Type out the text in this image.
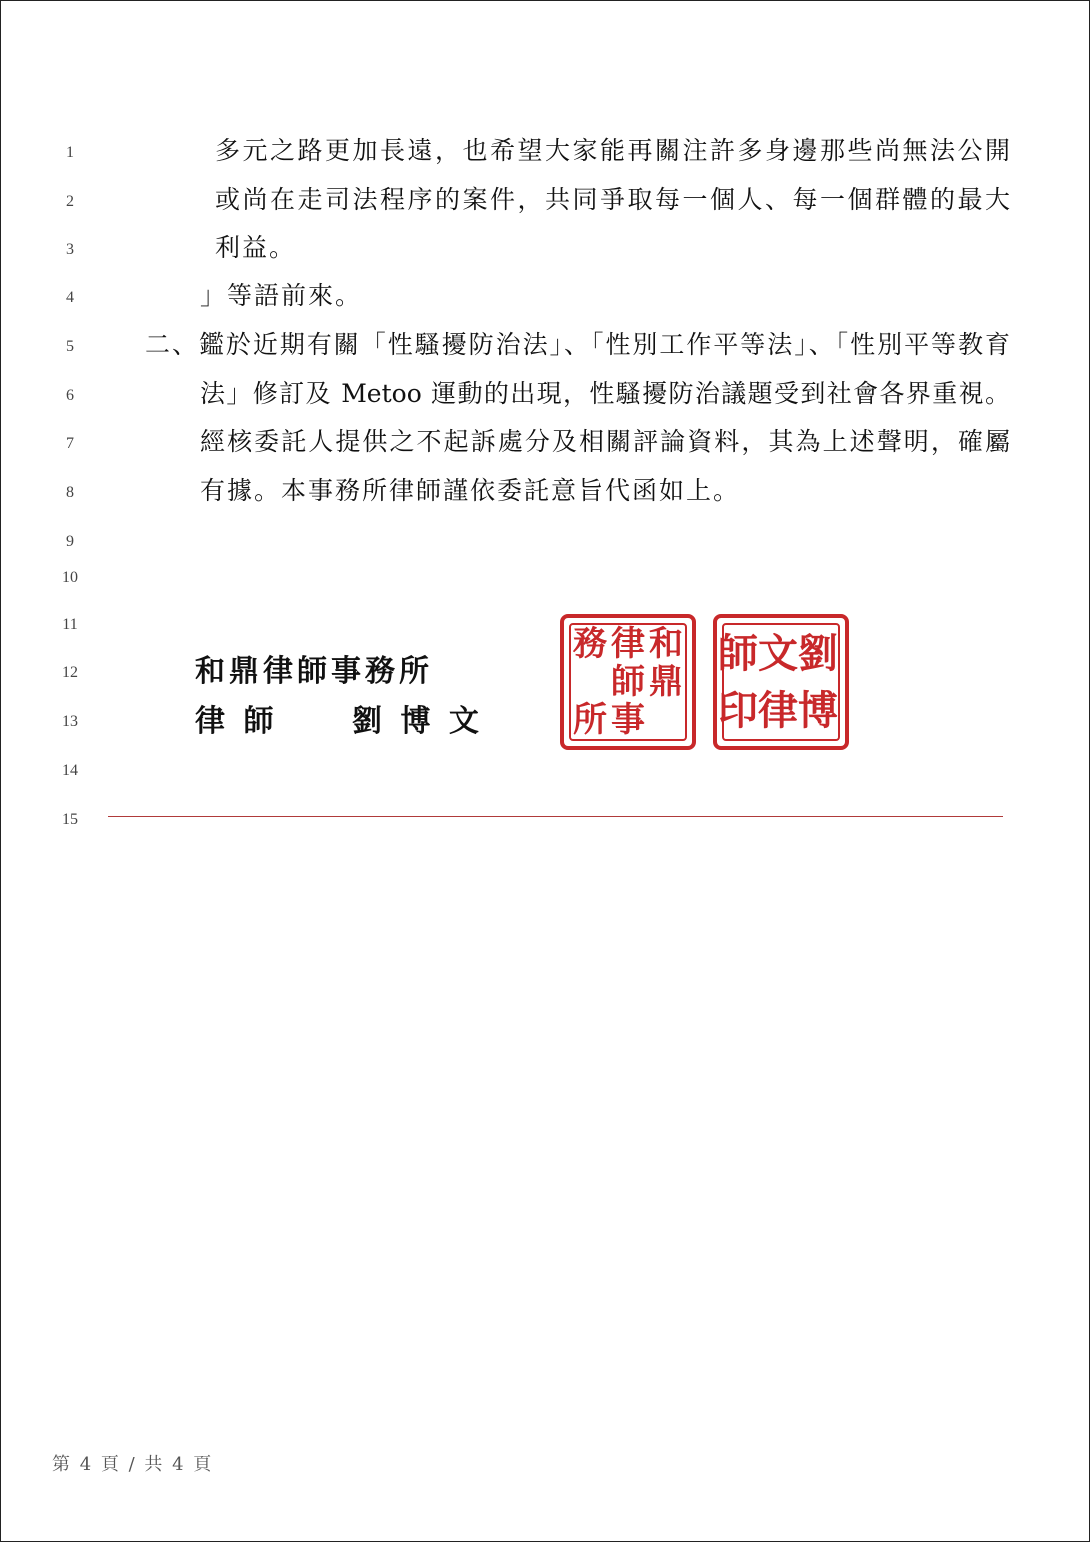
1
2
3
4
5
6
7
8
9
10
11
12
13
14
15
多元之路更加長遠，也希望大家能再關注許多身邊那些尚無法公開
或尚在走司法程序的案件，共同爭取每一個人、每一個群體的最大
利益。
」等語前來。
二、鑑於近期有關「性騷擾防治法」、「性別工作平等法」、「性別平等教育
法」修訂及 Metoo 運動的出現，性騷擾防治議題受到社會各界重視。
經核委託人提供之不起訴處分及相關評論資料，其為上述聲明，確屬
有據。本事務所律師謹依委託意旨代函如上。
和鼎律師事務所
律 師 劉 博 文
和
鼎
律
師
事
務
所
劉
博
文
律
師
印
第 4 頁 / 共 4 頁
